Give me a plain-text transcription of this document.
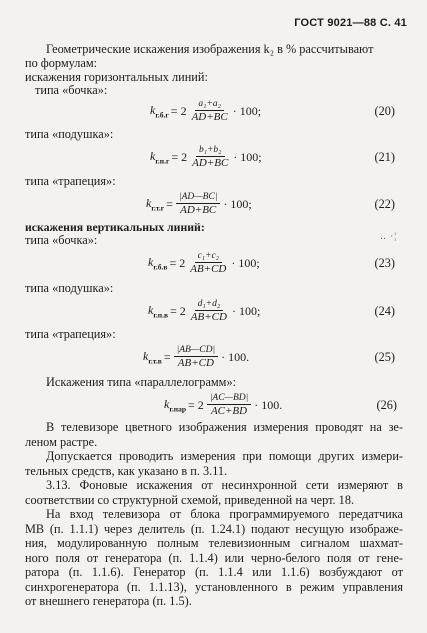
ГОСТ 9021—88 С. 41
Геометрические искажения изображения k₂ в % рассчитывают
по формулам:
искажения горизонтальных линий:
типа «бочка»:
$k_{г.б.г} = 2 \frac{\text{a₁+a₂}}{AD+BC} \cdot 100$;	(20)
типа «подушка»:
$k_{г.п.г} = 2 \frac{\text{b₁+b₂}}{AD+BC} \cdot 100$;	(21)
типа «трапеция»:
$k_{г.т.г} = \frac{|AD—BC|}{AD+BC} \cdot 100$;	(22)
искажения вертикальных линий:
типа «бочка»:	‥ ·¦
$k_{г.б.в} = 2 \frac{\text{c₁+c₂}}{AB+CD} \cdot 100$;	(23)
типа «подушка»:
$k_{г.п.в} = 2 \frac{\text{d₁+d₂}}{AB+CD} \cdot 100$;	(24)
типа «трапеция»:
$k_{г.т.в} = \frac{|AB—CD|}{AB+CD} \cdot 100$.	(25)
Искажения типа «параллелограмм»:
$k_{г.пар} = 2 \frac{|AC—BD|}{AC+BD} \cdot 100$.	(26)
В телевизоре цветного изображения измерения проводят на зе-
леном растре.
Допускается проводить измерения при помощи других измери-
тельных средств, как указано в п. 3.11.
3.13. Фоновые искажения от несинхронной сети измеряют в
соответствии со структурной схемой, приведенной на черт. 18.
На вход телевизора от блока программируемого передатчика
МВ (п. 1.1.1) через делитель (п. 1.24.1) подают несущую изображе-
ния, модулированную полным телевизионным сигналом шахмат-
ного поля от генератора (п. 1.1.4) или черно-белого поля от гене-
ратора (п. 1.1.6). Генератор (п. 1.1.4 или 1.1.6) возбуждают от
синхрогенератора (п. 1.1.13), установленного в режим управления
от внешнего генератора (п. 1.5).
